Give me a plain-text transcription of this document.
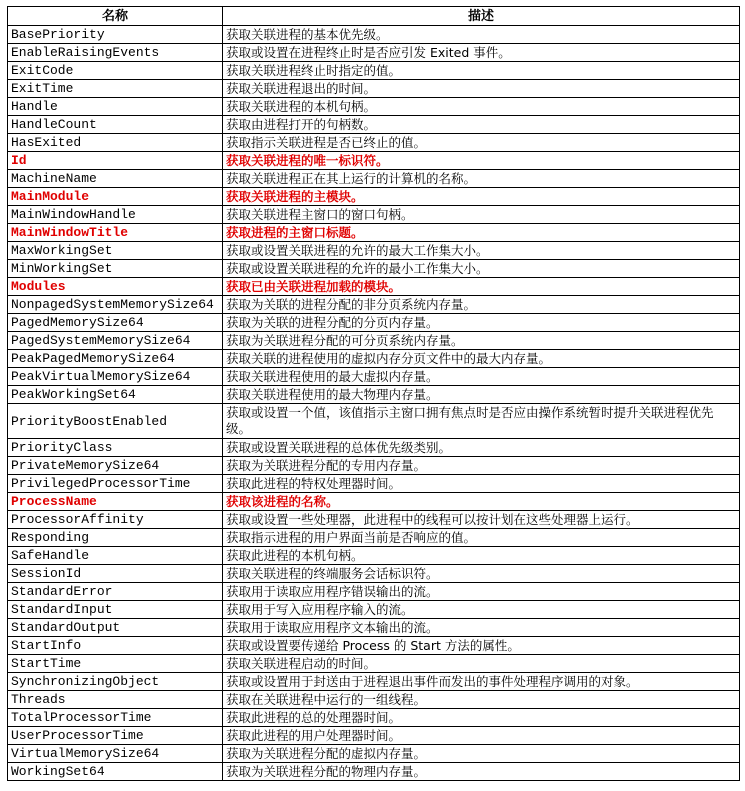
名称	描述
BasePriority	获取关联进程的基本优先级。
EnableRaisingEvents	获取或设置在进程终止时是否应引发 Exited 事件。
ExitCode	获取关联进程终止时指定的值。
ExitTime	获取关联进程退出的时间。
Handle	获取关联进程的本机句柄。
HandleCount	获取由进程打开的句柄数。
HasExited	获取指示关联进程是否已终止的值。
Id	获取关联进程的唯一标识符。
MachineName	获取关联进程正在其上运行的计算机的名称。
MainModule	获取关联进程的主模块。
MainWindowHandle	获取关联进程主窗口的窗口句柄。
MainWindowTitle	获取进程的主窗口标题。
MaxWorkingSet	获取或设置关联进程的允许的最大工作集大小。
MinWorkingSet	获取或设置关联进程的允许的最小工作集大小。
Modules	获取已由关联进程加载的模块。
NonpagedSystemMemorySize64	获取为关联的进程分配的非分页系统内存量。
PagedMemorySize64	获取为关联的进程分配的分页内存量。
PagedSystemMemorySize64	获取为关联进程分配的可分页系统内存量。
PeakPagedMemorySize64	获取关联的进程使用的虚拟内存分页文件中的最大内存量。
PeakVirtualMemorySize64	获取关联进程使用的最大虚拟内存量。
PeakWorkingSet64	获取关联进程使用的最大物理内存量。
PriorityBoostEnabled	获取或设置一个值，该值指示主窗口拥有焦点时是否应由操作系统暂时提升关联进程优先级。
PriorityClass	获取或设置关联进程的总体优先级类别。
PrivateMemorySize64	获取为关联进程分配的专用内存量。
PrivilegedProcessorTime	获取此进程的特权处理器时间。
ProcessName	获取该进程的名称。
ProcessorAffinity	获取或设置一些处理器，此进程中的线程可以按计划在这些处理器上运行。
Responding	获取指示进程的用户界面当前是否响应的值。
SafeHandle	获取此进程的本机句柄。
SessionId	获取关联进程的终端服务会话标识符。
StandardError	获取用于读取应用程序错误输出的流。
StandardInput	获取用于写入应用程序输入的流。
StandardOutput	获取用于读取应用程序文本输出的流。
StartInfo	获取或设置要传递给 Process 的 Start 方法的属性。
StartTime	获取关联进程启动的时间。
SynchronizingObject	获取或设置用于封送由于进程退出事件而发出的事件处理程序调用的对象。
Threads	获取在关联进程中运行的一组线程。
TotalProcessorTime	获取此进程的总的处理器时间。
UserProcessorTime	获取此进程的用户处理器时间。
VirtualMemorySize64	获取为关联进程分配的虚拟内存量。
WorkingSet64	获取为关联进程分配的物理内存量。
